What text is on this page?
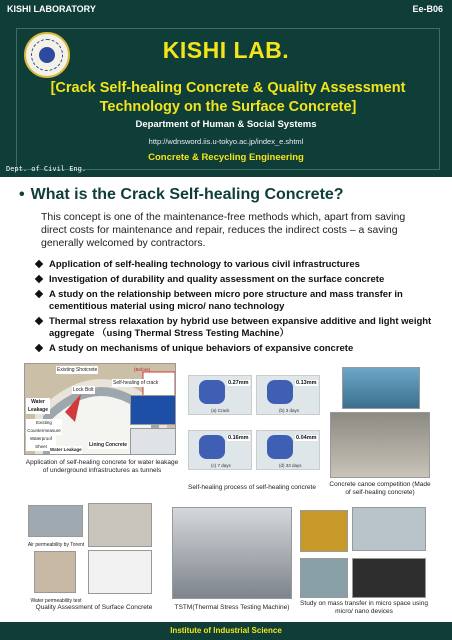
KISHI LABORATORY	Ee-B06
KISHI LAB.
[Crack Self-healing Concrete & Quality Assessment Technology on the Surface Concrete]
Department of Human & Social Systems
http://wdnsword.iis.u-tokyo.ac.jp/index_e.shtml
Concrete & Recycling Engineering
Dept. of Civil Eng.
• What is the Crack Self-healing Concrete?
This concept is one of the maintenance-free methods which, apart from saving direct costs for maintenance and repair, reduces the indirect costs – a saving generally welcomed by contractors.
Application of self-healing technology to various civil infrastructures
Investigation of durability and quality assessment on the surface concrete
A study on the relationship between micro pore structure and mass transfer in cementitious material using micro/ nano technology
Thermal stress relaxation by hybrid use between expansive additive and light weight aggregate （using Thermal Stress Testing Machine）
A study on mechanisms of unique behaviors of expansive concrete
Existing Shotcrete
Lock Bolt
Water Leakage
Existing Countermeasure
Waterproof Sheet	Lining Concrete
Water Leakage
Self-healing of crack
(Before)
Application of self-healing concrete for water leakage of underground infrastructures as tunnels
0.27mm
(a) Crack
0.13mm
(b) 3 days
0.16mm
(c) 7 days
0.04mm
(d) 33 days
Self-healing process of self-healing concrete	Concrete canoe competition (Made of self-healing concrete)
Air permeability by Torent
Water permeability test
Quality Assessment of Surface Concrete	TSTM(Thermal Stress Testing Machine)
Study on mass transfer in micro space using micro/ nano devices
Institute of Industrial Science
